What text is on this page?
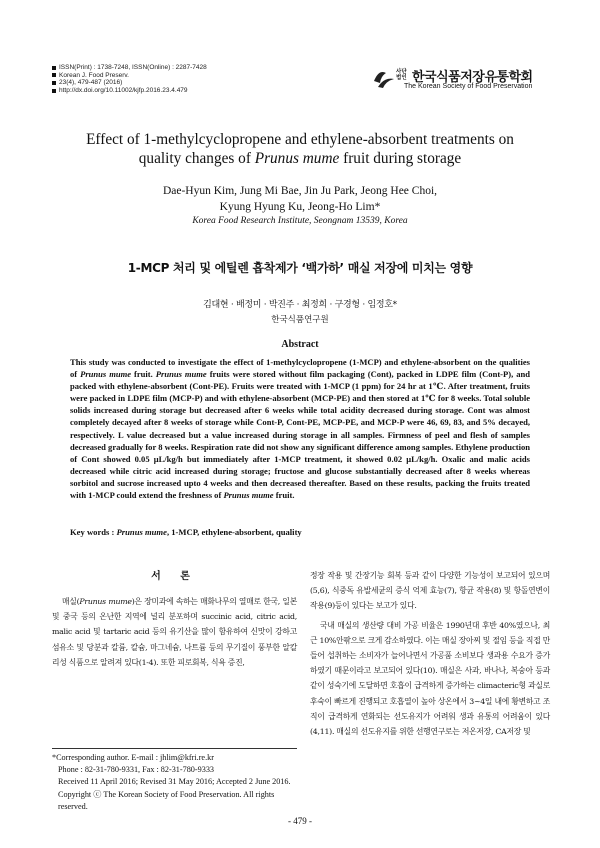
ISSN(Print) : 1738-7248, ISSN(Online) : 2287-7428
Korean J. Food Preserv.
23(4), 479-487 (2016)
http://dx.doi.org/10.11002/kjfp.2016.23.4.479
사단
법인 한국식품저장유통학회
The Korean Society of Food Preservation
Effect of 1-methylcyclopropene and ethylene-absorbent treatments on
quality changes of Prunus mume fruit during storage
Dae-Hyun Kim, Jung Mi Bae, Jin Ju Park, Jeong Hee Choi,
Kyung Hyung Ku, Jeong-Ho Lim*
Korea Food Research Institute, Seongnam 13539, Korea
1-MCP 처리 및 에틸렌 흡착제가 ‘백가하’ 매실 저장에 미치는 영향
김대현 · 배정미 · 박진주 · 최정희 · 구경형 · 임정호*
한국식품연구원
Abstract
This study was conducted to investigate the effect of 1-methylcyclopropene (1-MCP) and ethylene-absorbent on the qualities of Prunus mume fruit. Prunus mume fruits were stored without film packaging (Cont), packed in LDPE film (Cont-P), and packed with ethylene-absorbent (Cont-PE). Fruits were treated with 1-MCP (1 ppm) for 24 hr at 1℃. After treatment, fruits were packed in LDPE film (MCP-P) and with ethylene-absorbent (MCP-PE) and then stored at 1℃ for 8 weeks. Total soluble solids increased during storage but decreased after 6 weeks while total acidity decreased during storage. Cont was almost completely decayed after 8 weeks of storage while Cont-P, Cont-PE, MCP-PE, and MCP-P were 46, 69, 83, and 5% decayed, respectively. L value decreased but a value increased during storage in all samples. Firmness of peel and flesh of samples decreased gradually for 8 weeks. Respiration rate did not show any significant difference among samples. Ethylene production of Cont showed 0.05 μL/kg/h but immediately after 1-MCP treatment, it showed 0.02 μL/kg/h. Oxalic and malic acids decreased while citric acid increased during storage; fructose and glucose substantially decreased after 8 weeks whereas sorbitol and sucrose increased upto 4 weeks and then decreased thereafter. Based on these results, packing the fruits treated with 1-MCP could extend the freshness of Prunus mume fruit.
Key words : Prunus mume, 1-MCP, ethylene-absorbent, quality
서 론

매실(Prunus mume)은 장미과에 속하는 매화나무의 열매로 한국, 일본 및 중국 등의 온난한 지역에 널리 분포하며 succinic acid, citric acid, malic acid 및 tartaric acid 등의 유기산을 많이 함유하여 신맛이 강하고 섬유소 및 당분과 칼륨, 칼슘, 마그네슘, 나트륨 등의 무기질이 풍부한 알칼리성 식품으로 알려져 있다(1-4). 또한 피로회복, 식욕 증진,

정장 작용 및 간장기능 회복 등과 같이 다양한 기능성이 보고되어 있으며(5,6), 식중독 유발세균의 증식 억제 효능(7), 항균 작용(8) 및 항돌연변이 작용(9)등이 있다는 보고가 있다.

국내 매실의 생산량 대비 가공 비율은 1990년대 후반 40%였으나, 최근 10%안팎으로 크게 감소하였다. 이는 매실 장아찌 및 절임 등을 직접 만들어 섭취하는 소비자가 늘어나면서 가공품 소비보다 생과용 수요가 증가하였기 때문이라고 보고되어 있다(10). 매실은 사과, 바나나, 복숭아 등과 같이 성숙기에 도달하면 호흡이 급격하게 증가하는 climacteric형 과실로 후숙이 빠르게 진행되고 호흡열이 높아 상온에서 3~4일 내에 황변하고 조직이 급격하게 연화되는 선도유지가 어려워 생과 유통의 어려움이 있다(4,11). 매실의 선도유지를 위한 선행연구로는 저온저장, CA저장 및

*Corresponding author. E-mail : jhlim@kfri.re.kr
Phone : 82-31-780-9331, Fax : 82-31-780-9333
Received 11 April 2016; Revised 31 May 2016; Accepted 2 June 2016.
Copyright ⓒ The Korean Society of Food Preservation. All rights reserved.
- 479 -
